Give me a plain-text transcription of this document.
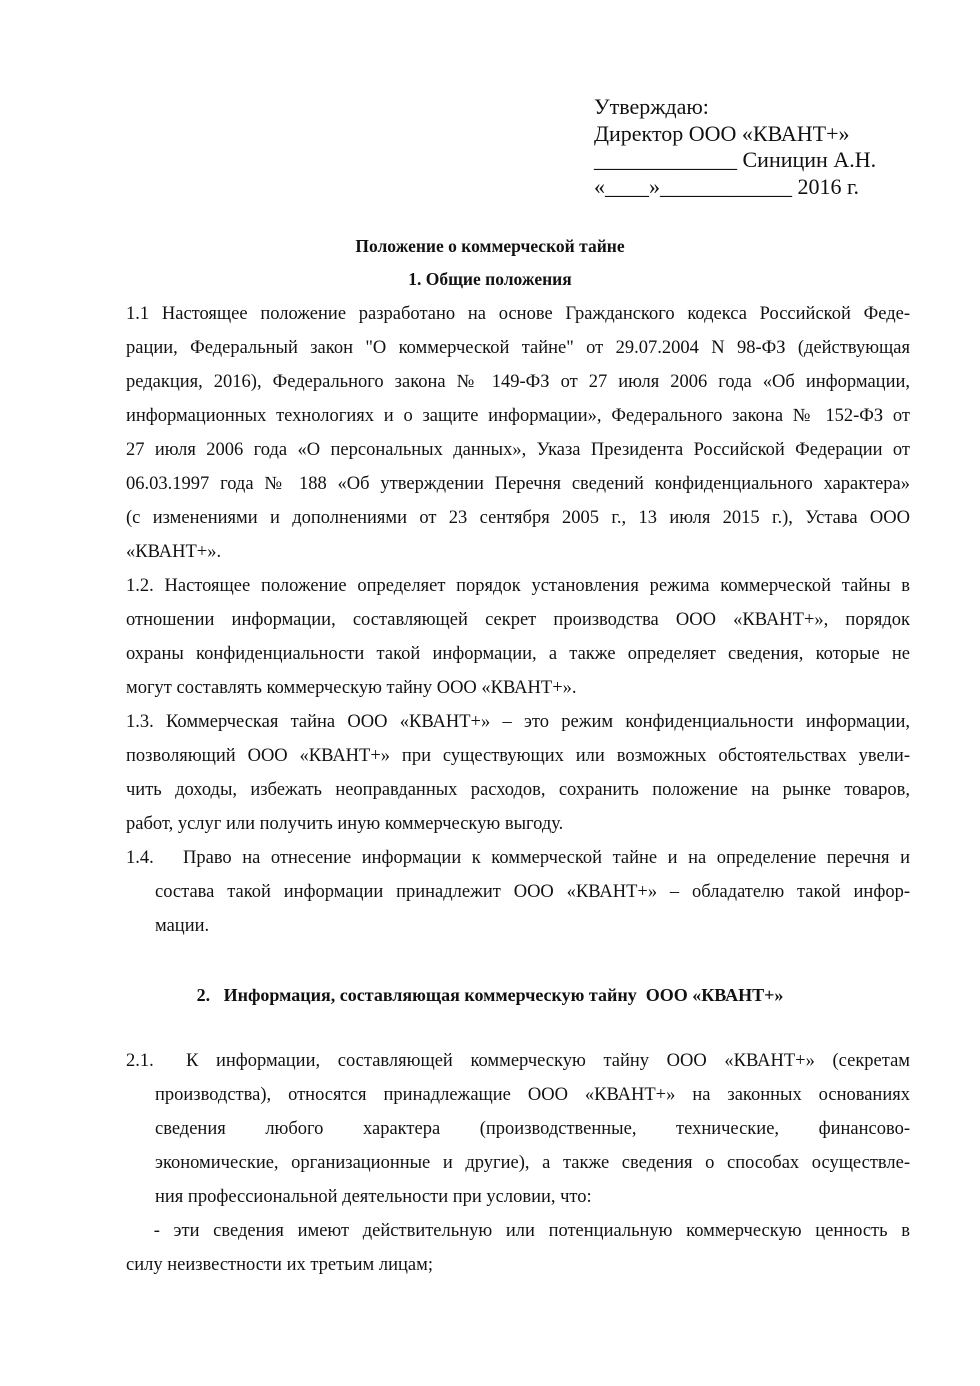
Утверждаю:
Директор ООО «КВАНТ+»
_____________ Синицин А.Н.
«____»____________ 2016 г.
Положение о коммерческой тайне
1. Общие положения
1.1 Настоящее положение разработано на основе Гражданского кодекса Российской Феде-
рации, Федеральный закон "О коммерческой тайне" от 29.07.2004 N 98-ФЗ (действующая
редакция, 2016), Федерального закона № 149-ФЗ от 27 июля 2006 года «Об информации,
информационных технологиях и о защите информации», Федерального закона № 152-ФЗ от
27 июля 2006 года «О персональных данных», Указа Президента Российской Федерации от
06.03.1997 года № 188 «Об утверждении Перечня сведений конфиденциального характера»
(с изменениями и дополнениями от 23 сентября 2005 г., 13 июля 2015 г.), Устава ООО
«КВАНТ+».
1.2. Настоящее положение определяет порядок установления режима коммерческой тайны в
отношении информации, составляющей секрет производства ООО «КВАНТ+», порядок
охраны конфиденциальности такой информации, а также определяет сведения, которые не
могут составлять коммерческую тайну ООО «КВАНТ+».
1.3. Коммерческая тайна ООО «КВАНТ+» – это режим конфиденциальности информации,
позволяющий ООО «КВАНТ+» при существующих или возможных обстоятельствах увели-
чить доходы, избежать неоправданных расходов, сохранить положение на рынке товаров,
работ, услуг или получить иную коммерческую выгоду.
1.4. Право на отнесение информации к коммерческой тайне и на определение перечня и
состава такой информации принадлежит ООО «КВАНТ+» – обладателю такой инфор-
мации.
2.   Информация, составляющая коммерческую тайну  ООО «КВАНТ+»
2.1. К информации, составляющей коммерческую тайну ООО «КВАНТ+» (секретам
производства), относятся принадлежащие ООО «КВАНТ+» на законных основаниях
сведения любого характера (производственные, технические, финансово-
экономические, организационные и другие), а также сведения о способах осуществле-
ния профессиональной деятельности при условии, что:
- эти сведения имеют действительную или потенциальную коммерческую ценность в
силу неизвестности их третьим лицам;
